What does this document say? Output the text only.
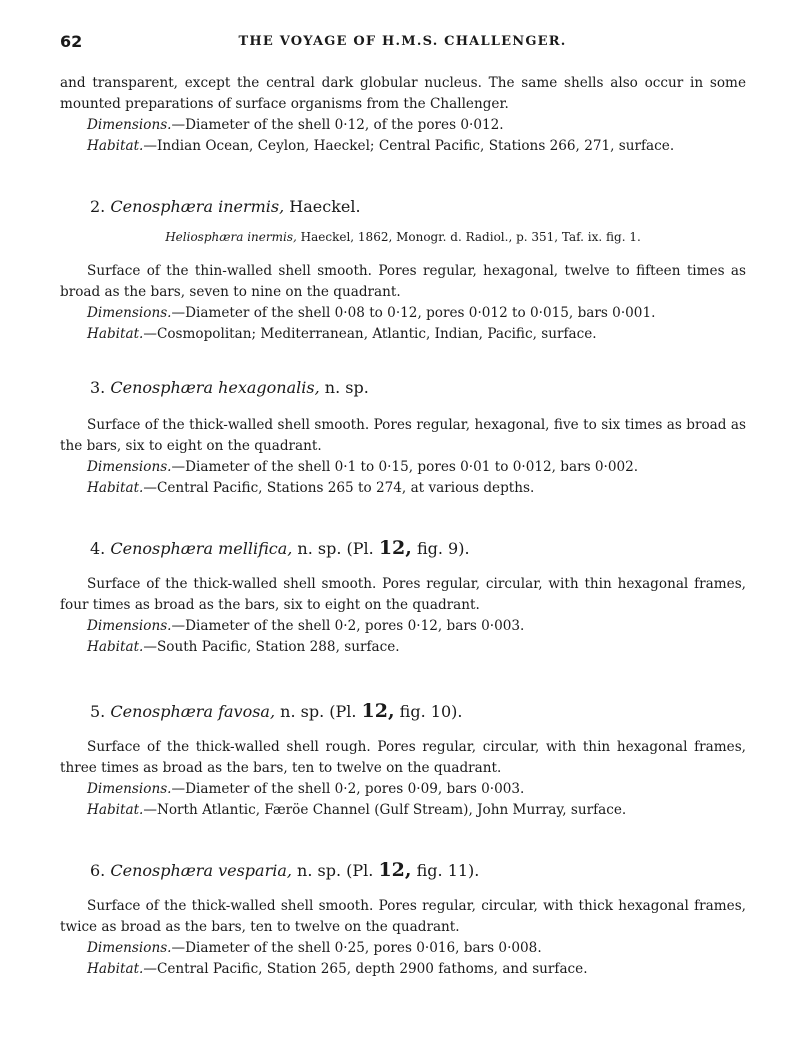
62	THE VOYAGE OF H.M.S. CHALLENGER.

and transparent, except the central dark globular nucleus. The same shells also occur in some mounted preparations of surface organisms from the Challenger.

Dimensions.—Diameter of the shell 0·12, of the pores 0·012.

Habitat.—Indian Ocean, Ceylon, Haeckel; Central Pacific, Stations 266, 271, surface.

2. Cenosphæra inermis, Haeckel.

Heliosphæra inermis, Haeckel, 1862, Monogr. d. Radiol., p. 351, Taf. ix. fig. 1.

Surface of the thin-walled shell smooth. Pores regular, hexagonal, twelve to fifteen times as broad as the bars, seven to nine on the quadrant.

Dimensions.—Diameter of the shell 0·08 to 0·12, pores 0·012 to 0·015, bars 0·001.

Habitat.—Cosmopolitan; Mediterranean, Atlantic, Indian, Pacific, surface.

3. Cenosphæra hexagonalis, n. sp.

Surface of the thick-walled shell smooth. Pores regular, hexagonal, five to six times as broad as the bars, six to eight on the quadrant.

Dimensions.—Diameter of the shell 0·1 to 0·15, pores 0·01 to 0·012, bars 0·002.

Habitat.—Central Pacific, Stations 265 to 274, at various depths.

4. Cenosphæra mellifica, n. sp. (Pl. 12, fig. 9).

Surface of the thick-walled shell smooth. Pores regular, circular, with thin hexagonal frames, four times as broad as the bars, six to eight on the quadrant.

Dimensions.—Diameter of the shell 0·2, pores 0·12, bars 0·003.

Habitat.—South Pacific, Station 288, surface.

5. Cenosphæra favosa, n. sp. (Pl. 12, fig. 10).

Surface of the thick-walled shell rough. Pores regular, circular, with thin hexagonal frames, three times as broad as the bars, ten to twelve on the quadrant.

Dimensions.—Diameter of the shell 0·2, pores 0·09, bars 0·003.

Habitat.—North Atlantic, Færöe Channel (Gulf Stream), John Murray, surface.

6. Cenosphæra vesparia, n. sp. (Pl. 12, fig. 11).

Surface of the thick-walled shell smooth. Pores regular, circular, with thick hexagonal frames, twice as broad as the bars, ten to twelve on the quadrant.

Dimensions.—Diameter of the shell 0·25, pores 0·016, bars 0·008.

Habitat.—Central Pacific, Station 265, depth 2900 fathoms, and surface.
